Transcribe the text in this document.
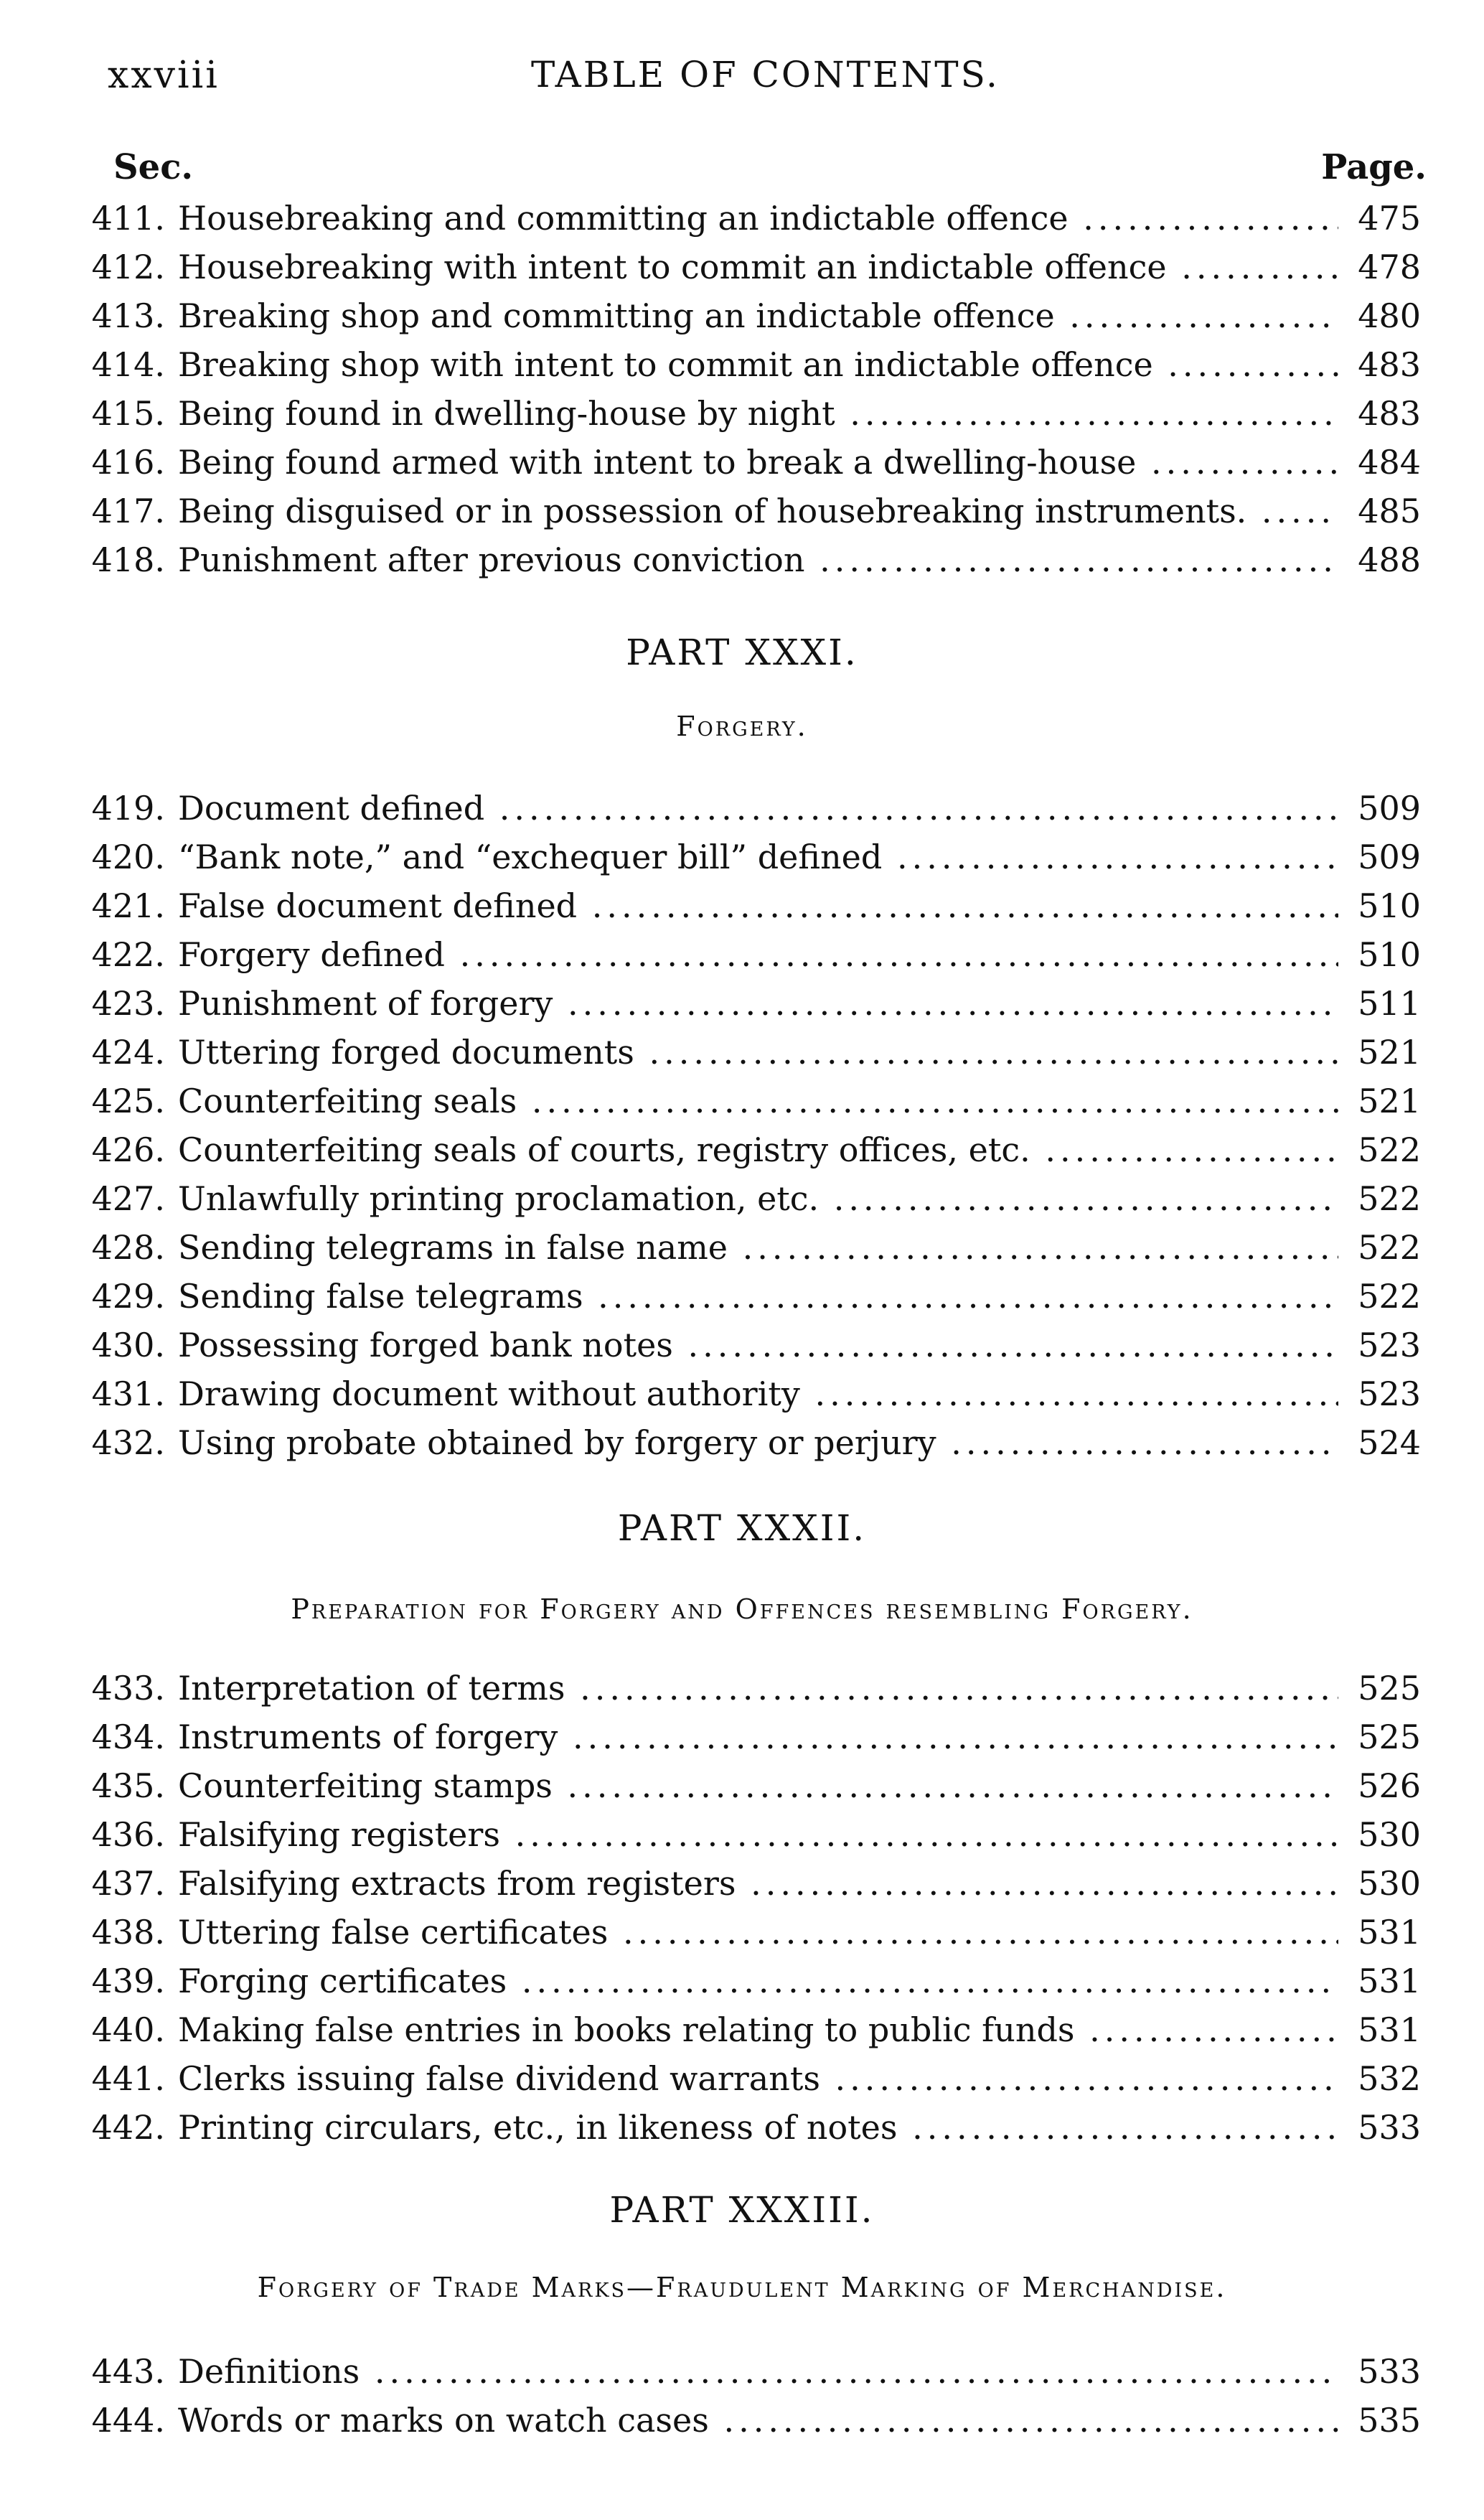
xxviii	TABLE OF CONTENTS.
Sec.	Page.
411. Housebreaking and committing an indictable offence .....	475
412. Housebreaking with intent to commit an indictable offence .....	478
413. Breaking shop and committing an indictable offence .....	480
414. Breaking shop with intent to commit an indictable offence .....	483
415. Being found in dwelling-house by night .....	483
416. Being found armed with intent to break a dwelling-house .....	484
417. Being disguised or in possession of housebreaking instruments. .....	485
418. Punishment after previous conviction .....	488
PART XXXI.
Forgery.
419. Document defined .....	509
420. “Bank note,” and “exchequer bill” defined .....	509
421. False document defined .....	510
422. Forgery defined .....	510
423. Punishment of forgery .....	511
424. Uttering forged documents .....	521
425. Counterfeiting seals .....	521
426. Counterfeiting seals of courts, registry offices, etc. .....	522
427. Unlawfully printing proclamation, etc. .....	522
428. Sending telegrams in false name .....	522
429. Sending false telegrams .....	522
430. Possessing forged bank notes .....	523
431. Drawing document without authority .....	523
432. Using probate obtained by forgery or perjury .....	524
PART XXXII.
Preparation for Forgery and Offences resembling Forgery.
433. Interpretation of terms .....	525
434. Instruments of forgery .....	525
435. Counterfeiting stamps .....	526
436. Falsifying registers .....	530
437. Falsifying extracts from registers .....	530
438. Uttering false certificates .....	531
439. Forging certificates .....	531
440. Making false entries in books relating to public funds .....	531
441. Clerks issuing false dividend warrants .....	532
442. Printing circulars, etc., in likeness of notes .....	533
PART XXXIII.
Forgery of Trade Marks—Fraudulent Marking of Merchandise.
443. Definitions .....	533
444. Words or marks on watch cases .....	535
